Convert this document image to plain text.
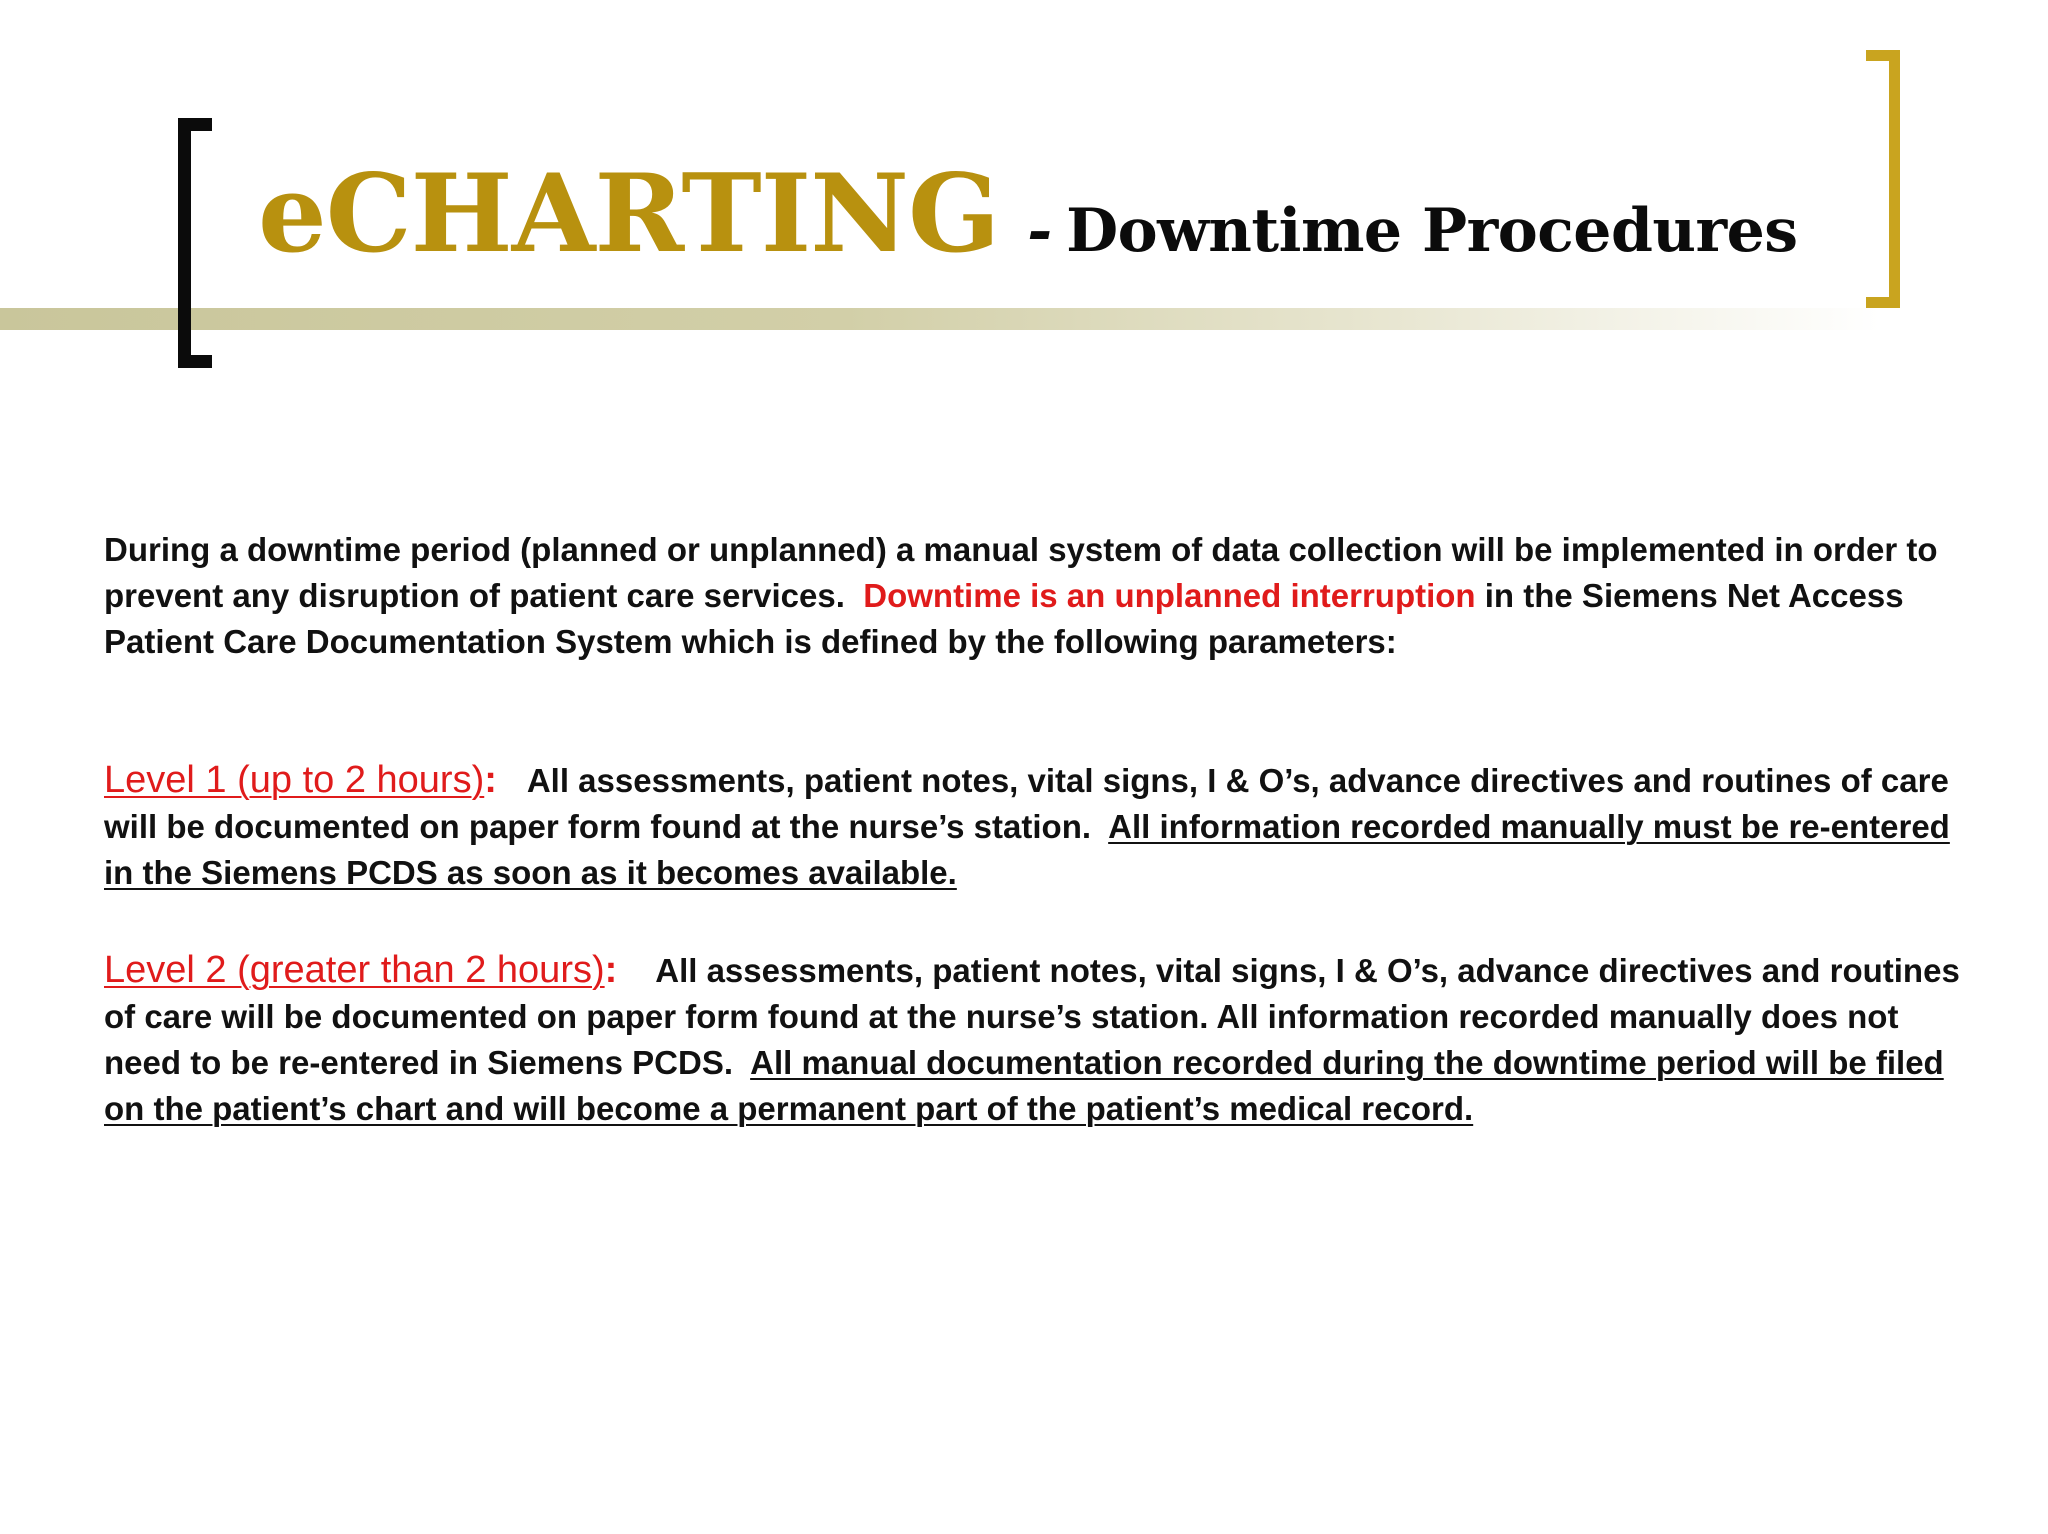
eCHARTING - Downtime Procedures
During a downtime period (planned or unplanned) a manual system of data collection will be implemented in order to prevent any disruption of patient care services. Downtime is an unplanned interruption in the Siemens Net Access Patient Care Documentation System which is defined by the following parameters:
Level 1 (up to 2 hours): All assessments, patient notes, vital signs, I & O’s, advance directives and routines of care will be documented on paper form found at the nurse’s station. All information recorded manually must be re-entered in the Siemens PCDS as soon as it becomes available.
Level 2 (greater than 2 hours): All assessments, patient notes, vital signs, I & O’s, advance directives and routines of care will be documented on paper form found at the nurse’s station. All information recorded manually does not need to be re-entered in Siemens PCDS. All manual documentation recorded during the downtime period will be filed on the patient’s chart and will become a permanent part of the patient’s medical record.
